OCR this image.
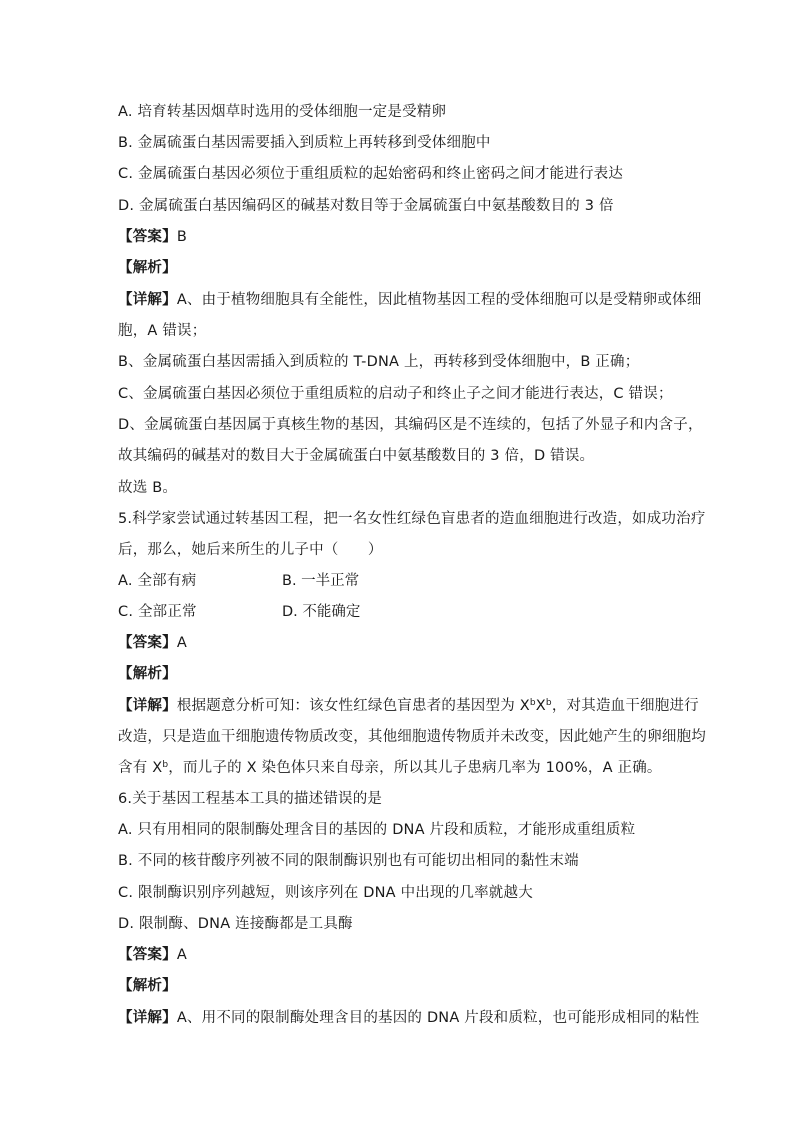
A. 培育转基因烟草时选用的受体细胞一定是受精卵
B. 金属硫蛋白基因需要插入到质粒上再转移到受体细胞中
C. 金属硫蛋白基因必须位于重组质粒的起始密码和终止密码之间才能进行表达
D. 金属硫蛋白基因编码区的碱基对数目等于金属硫蛋白中氨基酸数目的 3 倍
【答案】B
【解析】
【详解】A、由于植物细胞具有全能性，因此植物基因工程的受体细胞可以是受精卵或体细
胞，A 错误；
B、金属硫蛋白基因需插入到质粒的 T-DNA 上，再转移到受体细胞中，B 正确；
C、金属硫蛋白基因必须位于重组质粒的启动子和终止子之间才能进行表达，C 错误；
D、金属硫蛋白基因属于真核生物的基因，其编码区是不连续的，包括了外显子和内含子，
故其编码的碱基对的数目大于金属硫蛋白中氨基酸数目的 3 倍，D 错误。
故选 B。
5.科学家尝试通过转基因工程，把一名女性红绿色盲患者的造血细胞进行改造，如成功治疗
后，那么，她后来所生的儿子中（　　）
A. 全部有病	B. 一半正常
C. 全部正常	D. 不能确定
【答案】A
【解析】
【详解】根据题意分析可知：该女性红绿色盲患者的基因型为 $X^bX^b$，对其造血干细胞进行
改造，只是造血干细胞遗传物质改变，其他细胞遗传物质并未改变，因此她产生的卵细胞均
含有 $X^b$，而儿子的 X 染色体只来自母亲，所以其儿子患病几率为 100%，A 正确。
6.关于基因工程基本工具的描述错误的是
A. 只有用相同的限制酶处理含目的基因的 DNA 片段和质粒，才能形成重组质粒
B. 不同的核苷酸序列被不同的限制酶识别也有可能切出相同的黏性末端
C. 限制酶识别序列越短，则该序列在 DNA 中出现的几率就越大
D. 限制酶、DNA 连接酶都是工具酶
【答案】A
【解析】
【详解】A、用不同的限制酶处理含目的基因的 DNA 片段和质粒，也可能形成相同的粘性
